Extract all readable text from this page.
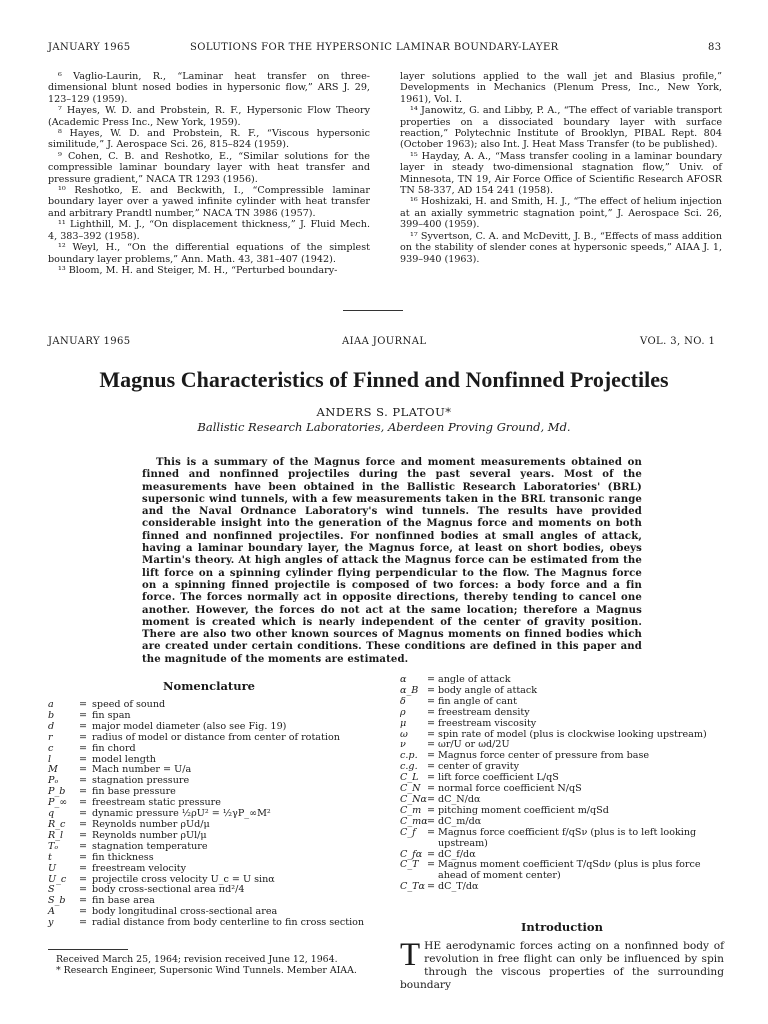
JANUARY 1965	SOLUTIONS FOR THE HYPERSONIC LAMINAR BOUNDARY-LAYER	83

⁶ Vaglio-Laurin, R., “Laminar heat transfer on three-dimensional blunt nosed bodies in hypersonic flow,” ARS J. 29, 123–129 (1959).

⁷ Hayes, W. D. and Probstein, R. F., Hypersonic Flow Theory (Academic Press Inc., New York, 1959).

⁸ Hayes, W. D. and Probstein, R. F., “Viscous hypersonic similitude,” J. Aerospace Sci. 26, 815–824 (1959).

⁹ Cohen, C. B. and Reshotko, E., “Similar solutions for the compressible laminar boundary layer with heat transfer and pressure gradient,” NACA TR 1293 (1956).

¹⁰ Reshotko, E. and Beckwith, I., “Compressible laminar boundary layer over a yawed infinite cylinder with heat transfer and arbitrary Prandtl number,” NACA TN 3986 (1957).

¹¹ Lighthill, M. J., “On displacement thickness,” J. Fluid Mech. 4, 383–392 (1958).

¹² Weyl, H., “On the differential equations of the simplest boundary layer problems,” Ann. Math. 43, 381–407 (1942).

¹³ Bloom, M. H. and Steiger, M. H., “Perturbed boundary-

layer solutions applied to the wall jet and Blasius profile,” Developments in Mechanics (Plenum Press, Inc., New York, 1961), Vol. I.

¹⁴ Janowitz, G. and Libby, P. A., “The effect of variable transport properties on a dissociated boundary layer with surface reaction,” Polytechnic Institute of Brooklyn, PIBAL Rept. 804 (October 1963); also Int. J. Heat Mass Transfer (to be published).

¹⁵ Hayday, A. A., “Mass transfer cooling in a laminar boundary layer in steady two-dimensional stagnation flow,” Univ. of Minnesota, TN 19, Air Force Office of Scientific Research AFOSR TN 58-337, AD 154 241 (1958).

¹⁶ Hoshizaki, H. and Smith, H. J., “The effect of helium injection at an axially symmetric stagnation point,” J. Aerospace Sci. 26, 399–400 (1959).

¹⁷ Syvertson, C. A. and McDevitt, J. B., “Effects of mass addition on the stability of slender cones at hypersonic speeds,” AIAA J. 1, 939–940 (1963).

JANUARY 1965	AIAA JOURNAL	VOL. 3, NO. 1
Magnus Characteristics of Finned and Nonfinned Projectiles
ANDERS S. PLATOU*
Ballistic Research Laboratories, Aberdeen Proving Ground, Md.

This is a summary of the Magnus force and moment measurements obtained on finned and nonfinned projectiles during the past several years. Most of the measurements have been obtained in the Ballistic Research Laboratories' (BRL) supersonic wind tunnels, with a few measurements taken in the BRL transonic range and the Naval Ordnance Laboratory's wind tunnels. The results have provided considerable insight into the generation of the Magnus force and moments on both finned and nonfinned projectiles. For nonfinned bodies at small angles of attack, having a laminar boundary layer, the Magnus force, at least on short bodies, obeys Martin's theory. At high angles of attack the Magnus force can be estimated from the lift force on a spinning cylinder flying perpendicular to the flow. The Magnus force on a spinning finned projectile is composed of two forces: a body force and a fin force. The forces normally act in opposite directions, thereby tending to cancel one another. However, the forces do not act at the same location; therefore a Magnus moment is created which is nearly independent of the center of gravity position. There are also two other known sources of Magnus moments on finned bodies which are created under certain conditions. These conditions are defined in this paper and the magnitude of the moments are estimated.

Nomenclature
a	= speed of sound
b	= fin span
d	= major model diameter (also see Fig. 19)
r	= radius of model or distance from center of rotation
c	= fin chord
l	= model length
M	= Mach number = U/a
Pₒ	= stagnation pressure
P_b	= fin base pressure
P_∞	= freestream static pressure
q	= dynamic pressure ½ρU² = ½γP_∞M²
R_c	= Reynolds number ρUd/μ
R_l	= Reynolds number ρUl/μ
Tₒ	= stagnation temperature
t	= fin thickness
U	= freestream velocity
U_c	= projectile cross velocity U_c = U sinα
S	= body cross-sectional area πd²/4
S_b	= fin base area
A	= body longitudinal cross-sectional area
y	= radial distance from body centerline to fin cross section
α	= angle of attack
α_B = body angle of attack
δ	= fin angle of cant
ρ	= freestream density
μ	= freestream viscosity
ω	= spin rate of model (plus is clockwise looking upstream)
ν	= ωr/U or ωd/2U
c.p. = Magnus force center of pressure from base
c.g. = center of gravity
C_L = lift force coefficient L/qS
C_N = normal force coefficient N/qS
C_Nα = dC_N/dα
C_m = pitching moment coefficient m/qSd
C_mα = dC_m/dα
C_f	= Magnus force coefficient f/qSν (plus is to left looking
upstream)
C_fα = dC_f/dα
C_T = Magnus moment coefficient T/qSdν (plus is plus force
ahead of moment center)
C_Tα = dC_T/dα

Received March 25, 1964; revision received June 12, 1964.

* Research Engineer, Supersonic Wind Tunnels. Member AIAA.

Introduction
THE aerodynamic forces acting on a nonfinned body of revolution in free flight can only be influenced by spin through the viscous properties of the surrounding boundary
